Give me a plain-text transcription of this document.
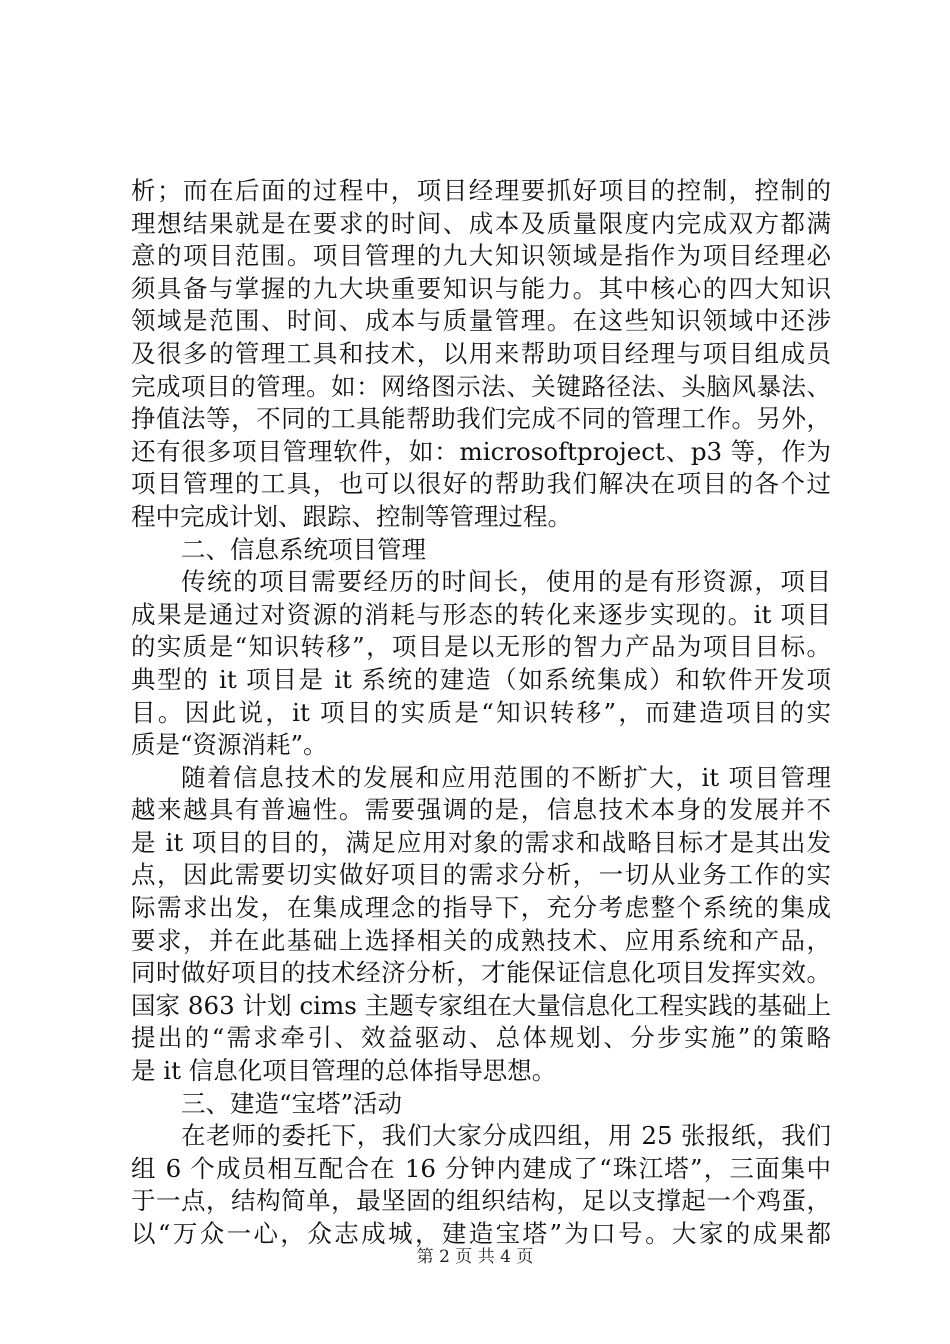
析；而在后面的过程中，项目经理要抓好项目的控制，控制的
理想结果就是在要求的时间、成本及质量限度内完成双方都满
意的项目范围。项目管理的九大知识领域是指作为项目经理必
须具备与掌握的九大块重要知识与能力。其中核心的四大知识
领域是范围、时间、成本与质量管理。在这些知识领域中还涉
及很多的管理工具和技术，以用来帮助项目经理与项目组成员
完成项目的管理。如：网络图示法、关键路径法、头脑风暴法、
挣值法等，不同的工具能帮助我们完成不同的管理工作。另外，
还有很多项目管理软件，如：microsoftproject、p3 等，作为
项目管理的工具，也可以很好的帮助我们解决在项目的各个过
程中完成计划、跟踪、控制等管理过程。
二、信息系统项目管理
传统的项目需要经历的时间长，使用的是有形资源，项目
成果是通过对资源的消耗与形态的转化来逐步实现的。it 项目
的实质是“知识转移”，项目是以无形的智力产品为项目目标。
典型的 it 项目是 it 系统的建造（如系统集成）和软件开发项
目。因此说，it 项目的实质是“知识转移”，而建造项目的实
质是“资源消耗”。
随着信息技术的发展和应用范围的不断扩大，it 项目管理
越来越具有普遍性。需要强调的是，信息技术本身的发展并不
是 it 项目的目的，满足应用对象的需求和战略目标才是其出发
点，因此需要切实做好项目的需求分析，一切从业务工作的实
际需求出发，在集成理念的指导下，充分考虑整个系统的集成
要求，并在此基础上选择相关的成熟技术、应用系统和产品，
同时做好项目的技术经济分析，才能保证信息化项目发挥实效。
国家 863 计划 cims 主题专家组在大量信息化工程实践的基础上
提出的“需求牵引、效益驱动、总体规划、分步实施”的策略
是 it 信息化项目管理的总体指导思想。
三、建造“宝塔”活动
在老师的委托下，我们大家分成四组，用 25 张报纸，我们
组 6 个成员相互配合在 16 分钟内建成了“珠江塔”，三面集中
于一点，结构简单，最坚固的组织结构，足以支撑起一个鸡蛋，
以“万众一心，众志成城，建造宝塔”为口号。大家的成果都
第 2 页 共 4 页
